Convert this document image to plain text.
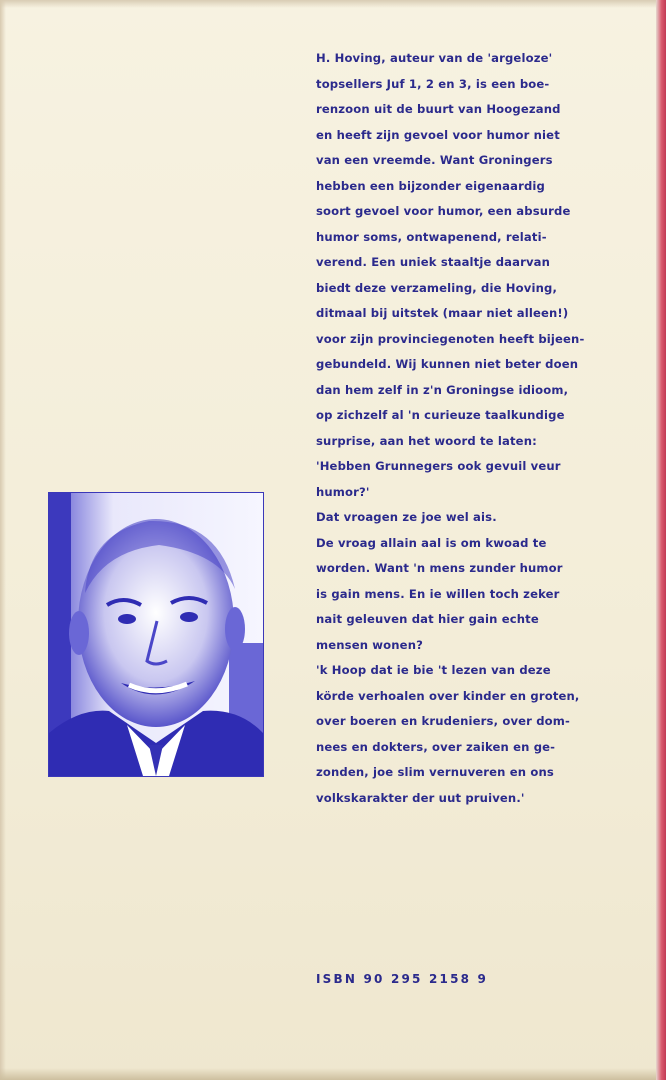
H. Hoving, auteur van de 'argeloze'
topsellers Juf 1, 2 en 3, is een boe-
renzoon uit de buurt van Hoogezand
en heeft zijn gevoel voor humor niet
van een vreemde. Want Groningers
hebben een bijzonder eigenaardig
soort gevoel voor humor, een absurde
humor soms, ontwapenend, relati-
verend. Een uniek staaltje daarvan
biedt deze verzameling, die Hoving,
ditmaal bij uitstek (maar niet alleen!)
voor zijn provinciegenoten heeft bijeen-
gebundeld. Wij kunnen niet beter doen
dan hem zelf in z'n Groningse idioom,
op zichzelf al 'n curieuze taalkundige
surprise, aan het woord te laten:
'Hebben Grunnegers ook gevuil veur
humor?'
Dat vroagen ze joe wel ais.
De vroag allain aal is om kwoad te
worden. Want 'n mens zunder humor
is gain mens. En ie willen toch zeker
nait geleuven dat hier gain echte
mensen wonen?
'k Hoop dat ie bie 't lezen van deze
körde verhoalen over kinder en groten,
over boeren en krudeniers, over dom-
nees en dokters, over zaiken en ge-
zonden, joe slim vernuveren en ons
volkskarakter der uut pruiven.'
ISBN 90 295 2158 9
